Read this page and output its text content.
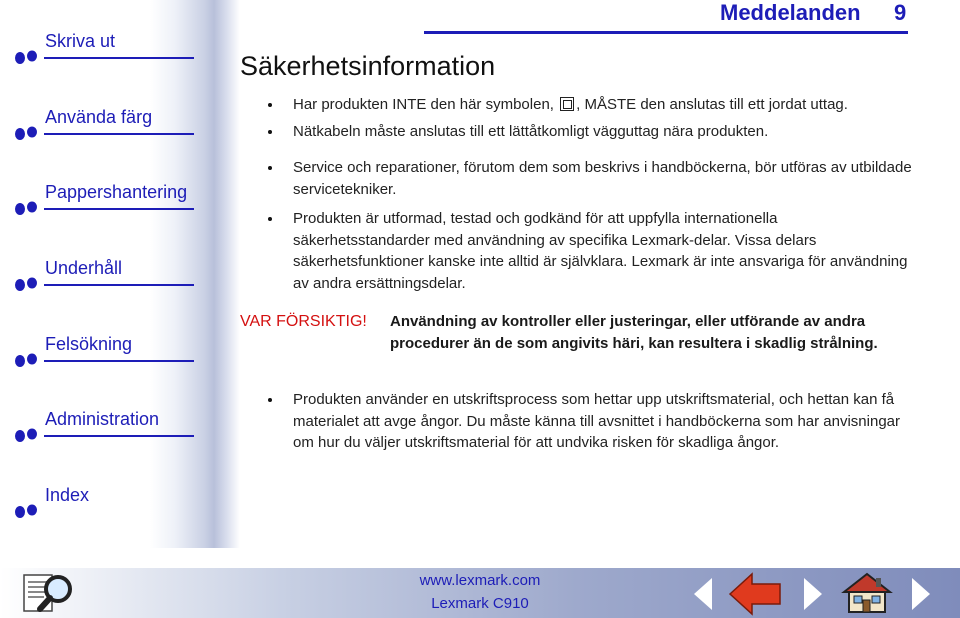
Skriva ut
Använda färg
Pappershantering
Underhåll
Felsökning
Administration
Index
Meddelanden 9
Säkerhetsinformation
Har produkten INTE den här symbolen, , MÅSTE den anslutas till ett jordat uttag.
Nätkabeln måste anslutas till ett lättåtkomligt vägguttag nära produkten.
Service och reparationer, förutom dem som beskrivs i handböckerna, bör utföras av utbildade servicetekniker.
Produkten är utformad, testad och godkänd för att uppfylla internationella säkerhetsstandarder med användning av specifika Lexmark-delar. Vissa delars säkerhetsfunktioner kanske inte alltid är självklara. Lexmark är inte ansvariga för användning av andra ersättningsdelar.
VAR FÖRSIKTIG! Användning av kontroller eller justeringar, eller utförande av andra procedurer än de som angivits häri, kan resultera i skadlig strålning.
Produkten använder en utskriftsprocess som hettar upp utskriftsmaterial, och hettan kan få materialet att avge ångor. Du måste känna till avsnittet i handböckerna som har anvisningar om hur du väljer utskriftsmaterial för att undvika risken för skadliga ångor.
www.lexmark.com
Lexmark C910
